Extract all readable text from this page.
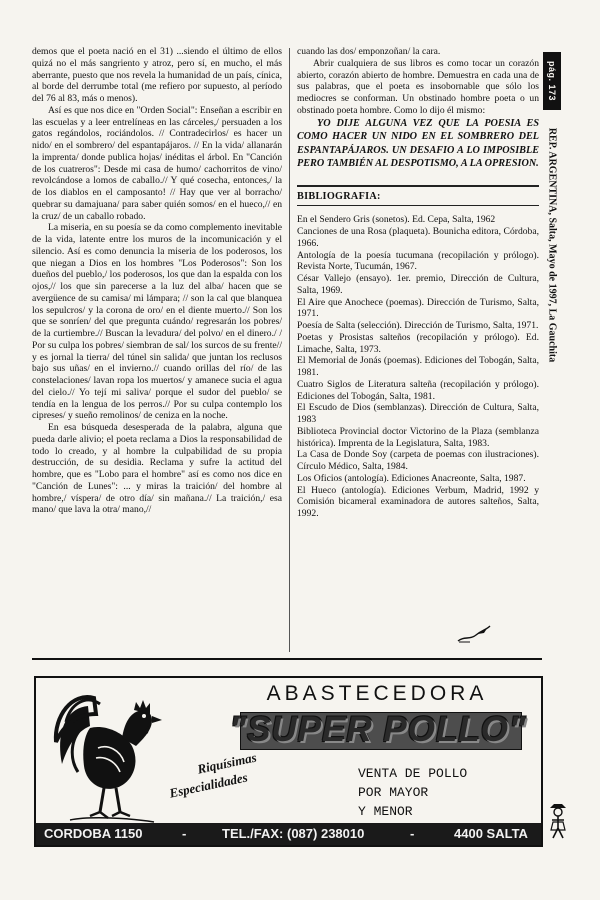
demos que el poeta nació en el 31) ...siendo el último de ellos quizá no el más sangriento y atroz, pero sí, en mucho, el más aberrante, puesto que nos revela la humanidad de un país, cínica, al borde del derrumbe total (me refiero por supuesto, al período del 76 al 83, más o menos).

Así es que nos dice en "Orden Social": Enseñan a escribir en las escuelas y a leer entrelíneas en las cárceles,/ persuaden a los gatos regándolos, rociándolos. // Contradecirlos/ es hacer un nido/ en el sombrero/ del espantapájaros. // En la vida/ allanarán la imprenta/ donde publica hojas/ inéditas el árbol. En "Canción de los cuatreros": Desde mi casa de humo/ cachorritos de vino/ revolcándose a lomos de caballo.// Y qué cosecha, entonces,/ la de los diablos en el camposanto! // Hay que ver al borracho/ quebrar su damajuana/ para saber quién somos/ en el hueco,// en la cruz/ de un caballo robado.

La miseria, en su poesía se da como complemento inevitable de la vida, latente entre los muros de la incomunicación y el silencio. Así es como denuncia la miseria de los poderosos, los que niegan a Dios en los hombres "Los Poderosos": Son los dueños del pueblo,/ los poderosos, los que dan la espalda con los ojos,// los que sin parecerse a la luz del alba/ hacen que se avergüence de su camisa/ mi lámpara; // son la cal que blanquea los sepulcros/ y la corona de oro/ en el diente muerto.// Son los que se sonríen/ del que pregunta cuándo/ regresarán los pobres/ de la curtiembre.// Buscan la levadura/ del polvo/ en el dinero./ / Por su culpa los pobres/ siembran de sal/ los surcos de su frente// y es jornal la tierra/ del túnel sin salida/ que juntan los reclusos bajo sus uñas/ en el invierno.// cuando orillas del río/ de las constelaciones/ lavan ropa los muertos/ y amanece sucia el agua del cielo.// Yo tejí mi saliva/ porque el sudor del pueblo/ se tendía en la lengua de los perros.// Por su culpa contemplo los cipreses/ y sueño remolinos/ de ceniza en la noche.

En esa búsqueda desesperada de la palabra, alguna que pueda darle alivio; el poeta reclama a Dios la responsabilidad de todo lo creado, y al hombre la culpabilidad de su propia destrucción, de su desidia. Reclama y sufre la actitud del hombre, que es "Lobo para el hombre" así es como nos dice en "Canción de Lunes": ... y miras la traición/ del hombre al hombre,/ víspera/ de otro día/ sin mañana.// La traición,/ esa mano/ que lava la otra/ mano,//

cuando las dos/ emponzoñan/ la cara.

Abrir cualquiera de sus libros es como tocar un corazón abierto, corazón abierto de hombre. Demuestra en cada una de sus palabras, que el poeta es insobornable que sólo los mediocres se conforman. Un obstinado hombre poeta o un obstinado poeta hombre. Como lo dijo él mismo:

YO DIJE ALGUNA VEZ QUE LA POESIA ES COMO HACER UN NIDO EN EL SOMBRERO DEL ESPANTAPÁJAROS. UN DESAFIO A LO IMPOSIBLE PERO TAMBIÉN AL DESPOTISMO, A LA OPRESION.

BIBLIOGRAFIA:

En el Sendero Gris (sonetos). Ed. Cepa, Salta, 1962

Canciones de una Rosa (plaqueta). Bounicha editora, Córdoba, 1966.

Antología de la poesía tucumana (recopilación y prólogo). Revista Norte, Tucumán, 1967.

César Vallejo (ensayo). 1er. premio, Dirección de Cultura, Salta, 1969.

El Aire que Anochece (poemas). Dirección de Turismo, Salta, 1971.

Poesía de Salta (selección). Dirección de Turismo, Salta, 1971.

Poetas y Prosistas salteños (recopilación y prólogo). Ed. Limache, Salta, 1973.

El Memorial de Jonás (poemas). Ediciones del Tobogán, Salta, 1981.

Cuatro Siglos de Literatura salteña (recopilación y prólogo). Ediciones del Tobogán, Salta, 1981.

El Escudo de Dios (semblanzas). Dirección de Cultura, Salta, 1983

Biblioteca Provincial doctor Victorino de la Plaza (semblanza histórica). Imprenta de la Legislatura, Salta, 1983.

La Casa de Donde Soy (carpeta de poemas con ilustraciones). Círculo Médico, Salta, 1984.

Los Oficios (antología). Ediciones Anacreonte, Salta, 1987.

El Hueco (antología). Ediciones Verbum, Madrid, 1992 y Comisión bicameral examinadora de autores salteños, Salta, 1992.

pág. 173
REP. ARGENTINA, Salta, Mayo de 1997, La Gauchita
ABASTECEDORA
"SUPER POLLO"
Riquísimas
Especialidades	VENTA DE POLLO
POR MAYOR
Y MENOR
CORDOBA 1150	-	TEL./FAX: (087) 238010	-	4400 SALTA
